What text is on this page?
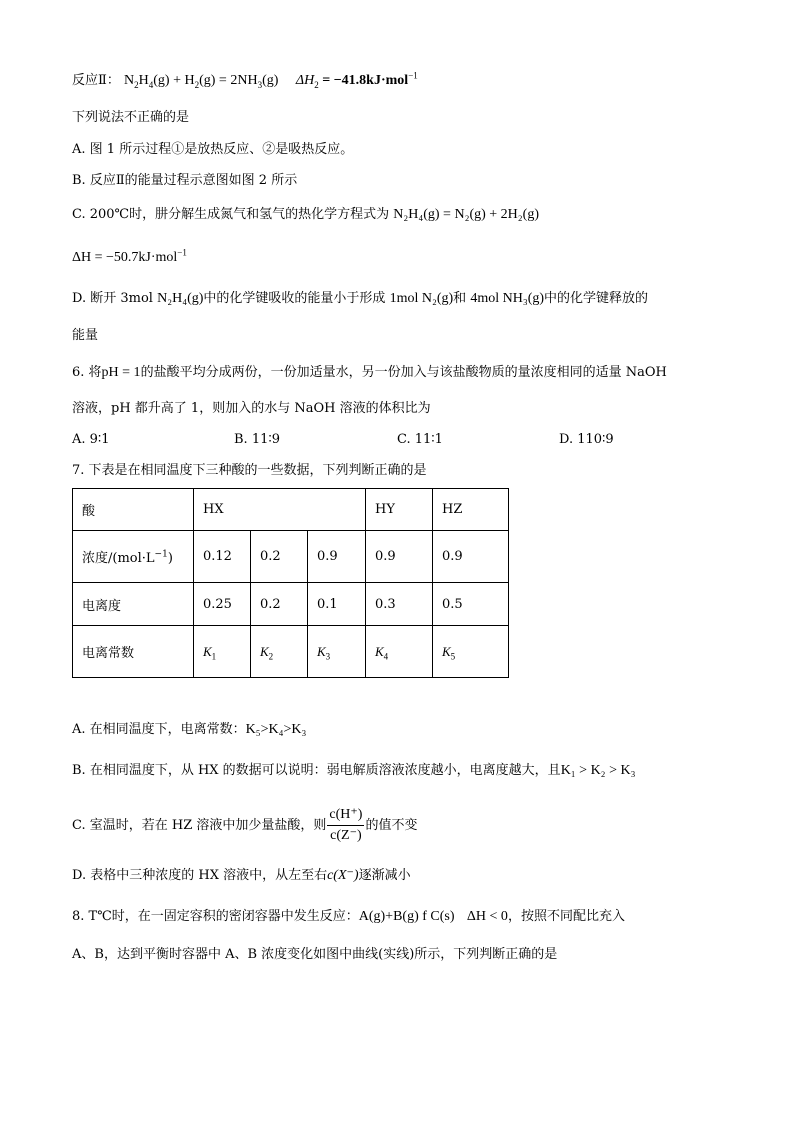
反应Ⅱ： $N_2H_4(g) + H_2(g) = 2NH_3(g) \Delta H_2 = -41.8kJ\cdot mol^{-1}$
下列说法不正确的是
A. 图 1 所示过程①是放热反应、②是吸热反应。
B. 反应Ⅱ的能量过程示意图如图 2 所示
C. 200℃时，肼分解生成氮气和氢气的热化学方程式为 N₂H₄(g) = N₂(g) + 2H₂(g)
ΔH = −50.7kJ·mol$^{-1}$
D. 断开 3mol N₂H₄(g)中的化学键吸收的能量小于形成 1mol N₂(g)和 4mol NH₃(g)中的化学键释放的
能量
6. 将pH = 1的盐酸平均分成两份，一份加适量水，另一份加入与该盐酸物质的量浓度相同的适量 NaOH
溶液，pH 都升高了 1，则加入的水与 NaOH 溶液的体积比为
A. 9∶1	B. 11∶9	C. 11∶1	D. 110∶9
7. 下表是在相同温度下三种酸的一些数据，下列判断正确的是
酸	HX			HY	HZ
浓度$/(mol\cdot L^{-1})$	0.12	0.2	0.9	0.9	0.9
电离度	0.25	0.2	0.1	0.3	0.5
电离常数	$K_1$	$K_2$	$K_3$	$K_4$	$K_5$
A. 在相同温度下，电离常数：K₅>K₄>K₃
B. 在相同温度下，从 HX 的数据可以说明：弱电解质溶液浓度越小，电离度越大，且K₁ > K₂ > K₃
C. 室温时，若在 HZ 溶液中加少量盐酸，则 $\frac{c(H^+)}{c(Z^-)}$ 的值不变
D. 表格中三种浓度的 HX 溶液中，从左至右c(X⁻)逐渐减小
8. T℃时，在一固定容积的密闭容器中发生反应：A(g)+B(g) f C(s) ΔH < 0，按照不同配比充入
A、B，达到平衡时容器中 A、B 浓度变化如图中曲线(实线)所示，下列判断正确的是
